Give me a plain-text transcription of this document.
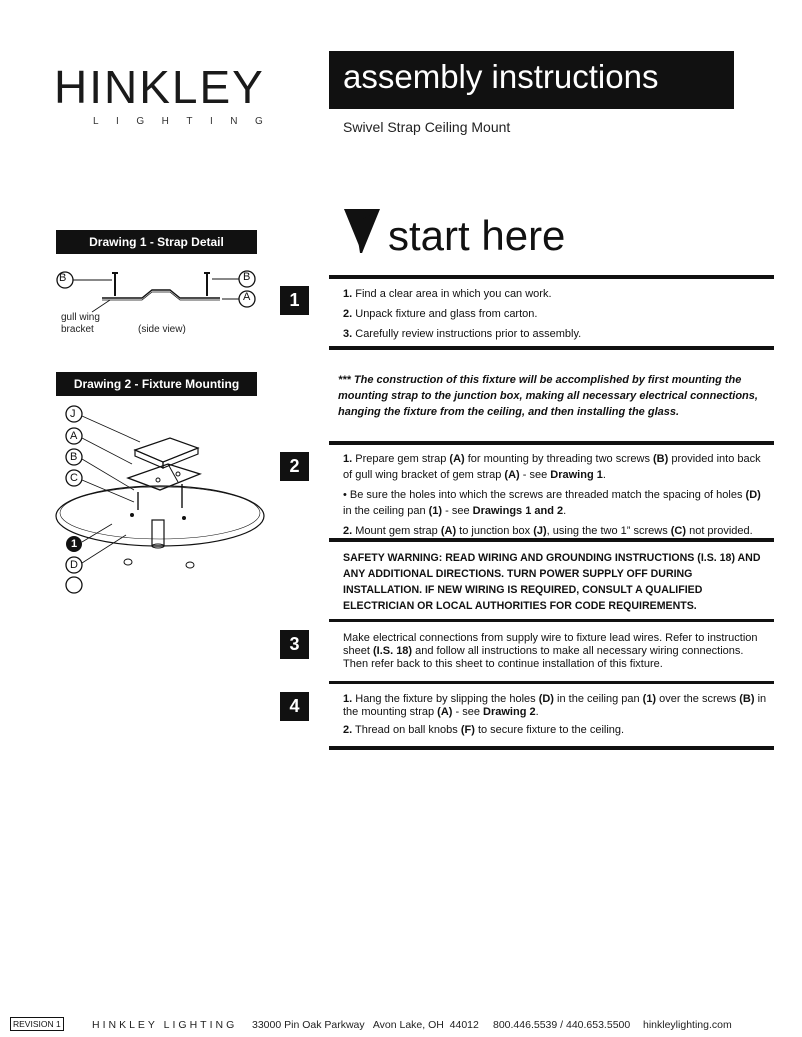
HINKLEY
LIGHTING
assembly instructions
Swivel Strap Ceiling Mount
start here
Drawing 1 - Strap Detail
B	B
A
gull wing
bracket	(side view)
Drawing 2 - Fixture Mounting
J
A
B
C
1
D
1	1. Find a clear area in which you can work.

2. Unpack fixture and glass from carton.

3. Carefully review instructions prior to assembly.

*** The construction of this fixture will be accomplished by first mounting the mounting strap to the junction box, making all necessary electrical connections, hanging the fixture from the ceiling, and then installing the glass.
2	1. Prepare gem strap (A) for mounting by threading two screws (B) provided into back of gull wing bracket of gem strap (A) - see Drawing 1.

• Be sure the holes into which the screws are threaded match the spacing of holes (D) in the ceiling pan (1) - see Drawings 1 and 2.

2. Mount gem strap (A) to junction box (J), using the two 1” screws (C) not provided.

SAFETY WARNING: READ WIRING AND GROUNDING INSTRUCTIONS (I.S. 18) AND ANY ADDITIONAL DIRECTIONS. TURN POWER SUPPLY OFF DURING INSTALLATION. IF NEW WIRING IS REQUIRED, CONSULT A QUALIFIED ELECTRICIAN OR LOCAL AUTHORITIES FOR CODE REQUIREMENTS.
3	Make electrical connections from supply wire to fixture lead wires. Refer to instruction sheet (I.S. 18) and follow all instructions to make all necessary wiring connections. Then refer back to this sheet to continue installation of this fixture.

4	1. Hang the fixture by slipping the holes (D) in the ceiling pan (1) over the screws (B) in the mounting strap (A) - see Drawing 2.

2. Thread on ball knobs (F) to secure fixture to the ceiling.

REVISION 1	HINKLEY LIGHTING 33000 Pin Oak Parkway   Avon Lake, OH  44012 800.446.5539 / 440.653.5500 hinkleylighting.com
